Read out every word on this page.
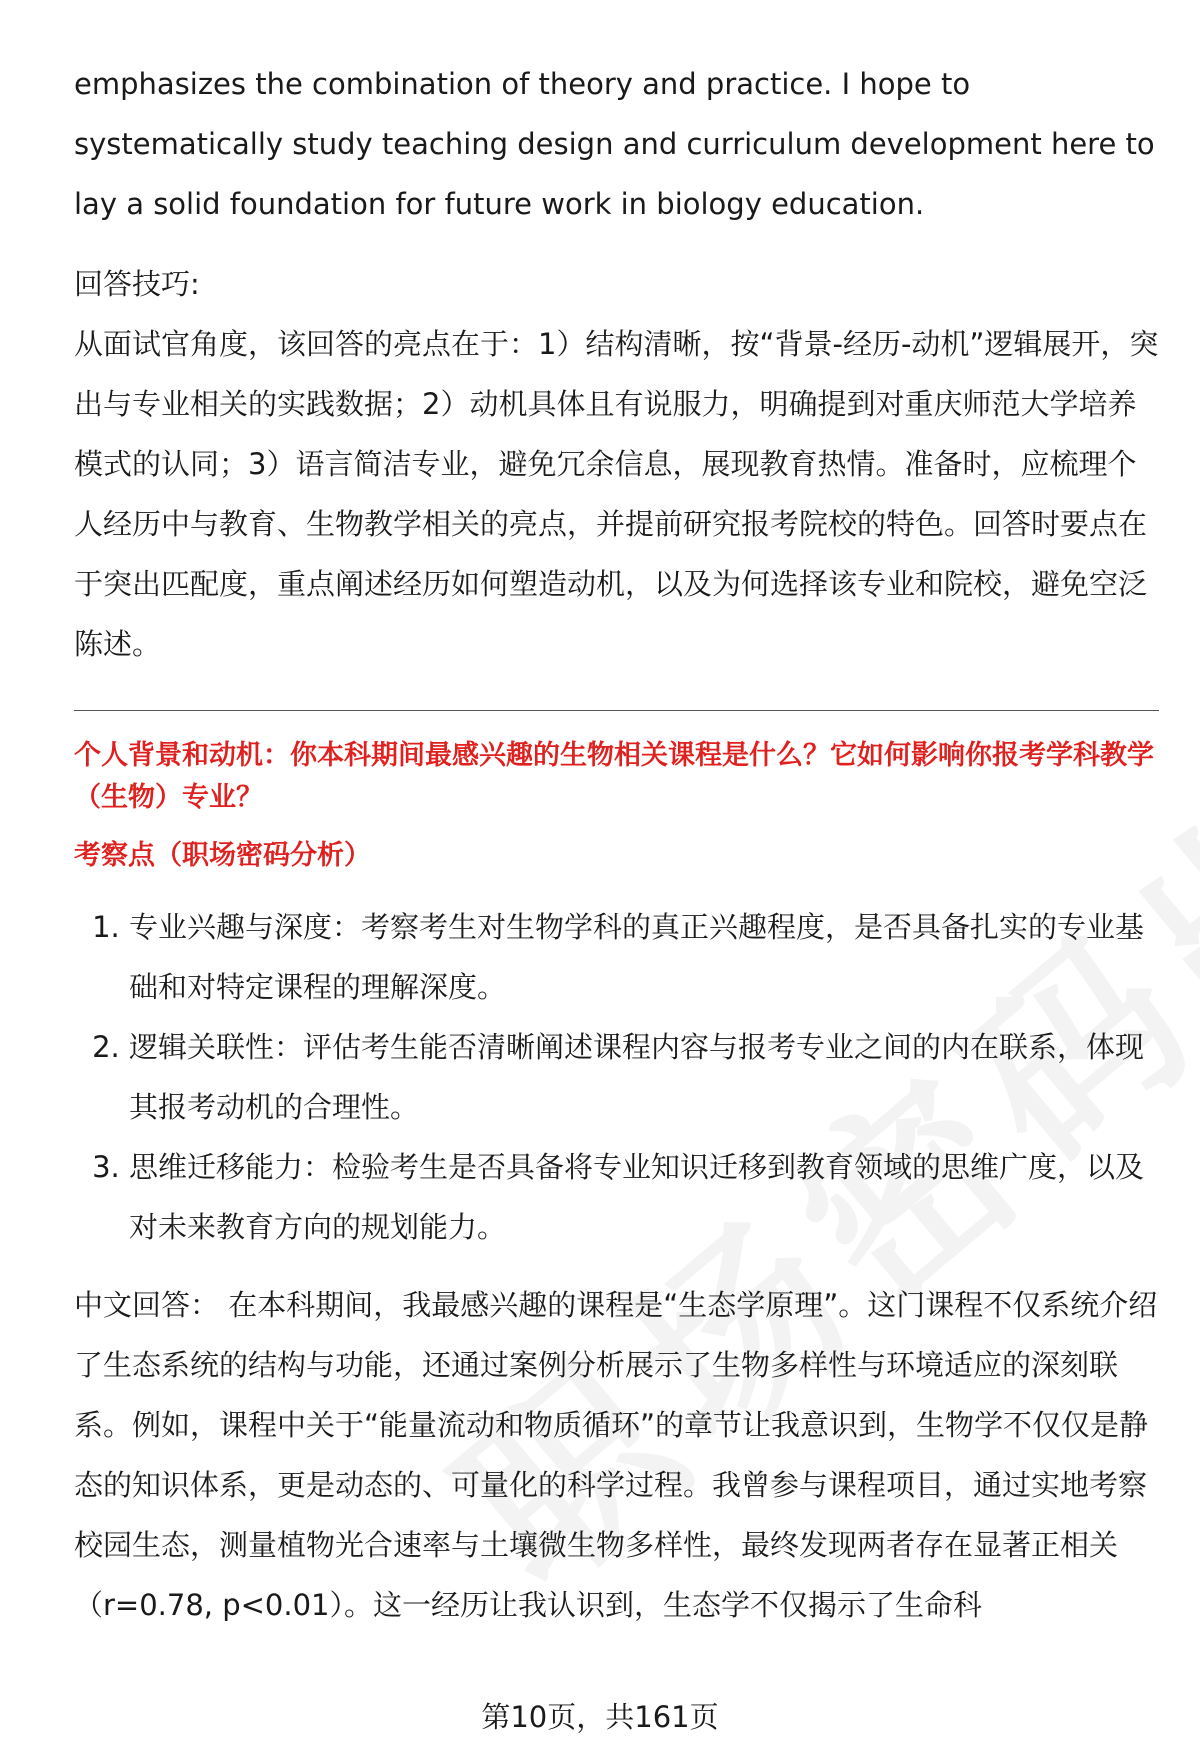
emphasizes the combination of theory and practice. I hope to systematically study teaching design and curriculum development here to lay a solid foundation for future work in biology education.

回答技巧:

从面试官角度，该回答的亮点在于：1）结构清晰，按“背景-经历-动机”逻辑展开，突出与专业相关的实践数据；2）动机具体且有说服力，明确提到对重庆师范大学培养模式的认同；3）语言简洁专业，避免冗余信息，展现教育热情。准备时，应梳理个人经历中与教育、生物教学相关的亮点，并提前研究报考院校的特色。回答时要点在于突出匹配度，重点阐述经历如何塑造动机，以及为何选择该专业和院校，避免空泛陈述。

个人背景和动机：你本科期间最感兴趣的生物相关课程是什么？它如何影响你报考学科教学（生物）专业？

考察点（职场密码分析）

1. 专业兴趣与深度：考察考生对生物学科的真正兴趣程度，是否具备扎实的专业基础和对特定课程的理解深度。
2. 逻辑关联性：评估考生能否清晰阐述课程内容与报考专业之间的内在联系，体现其报考动机的合理性。
3. 思维迁移能力：检验考生是否具备将专业知识迁移到教育领域的思维广度，以及对未来教育方向的规划能力。

中文回答： 在本科期间，我最感兴趣的课程是“生态学原理”。这门课程不仅系统介绍了生态系统的结构与功能，还通过案例分析展示了生物多样性与环境适应的深刻联系。例如，课程中关于“能量流动和物质循环”的章节让我意识到，生物学不仅仅是静态的知识体系，更是动态的、可量化的科学过程。我曾参与课程项目，通过实地考察校园生态，测量植物光合速率与土壤微生物多样性，最终发现两者存在显著正相关（r=0.78, p<0.01）。这一经历让我认识到，生态学不仅揭示了生命科

第10页，共161页
